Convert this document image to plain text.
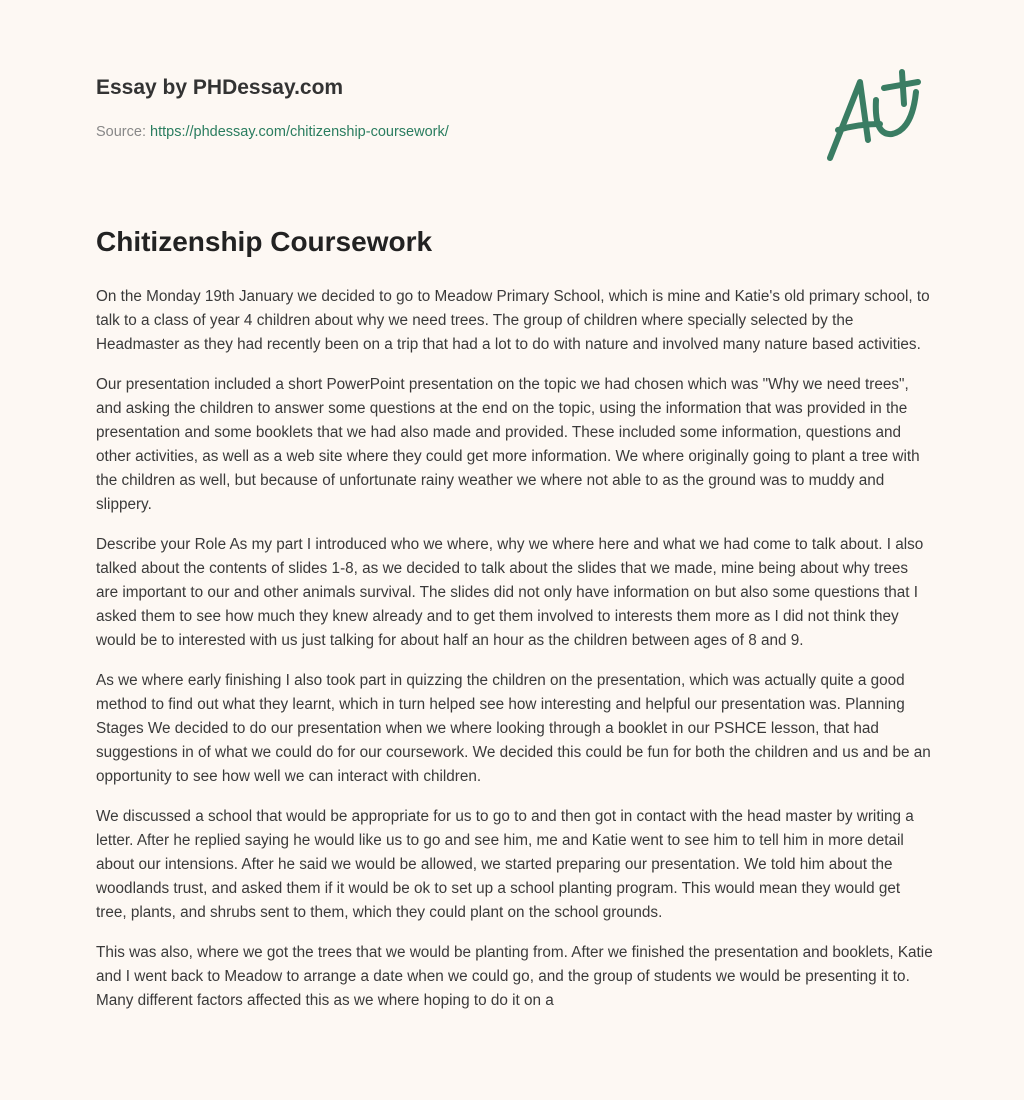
Essay by PHDessay.com
Source: https://phdessay.com/chitizenship-coursework/
Chitizenship Coursework

On the Monday 19th January we decided to go to Meadow Primary School, which is mine and Katie's old primary school, to talk to a class of year 4 children about why we need trees. The group of children where specially selected by the Headmaster as they had recently been on a trip that had a lot to do with nature and involved many nature based activities.

Our presentation included a short PowerPoint presentation on the topic we had chosen which was "Why we need trees", and asking the children to answer some questions at the end on the topic, using the information that was provided in the presentation and some booklets that we had also made and provided. These included some information, questions and other activities, as well as a web site where they could get more information. We where originally going to plant a tree with the children as well, but because of unfortunate rainy weather we where not able to as the ground was to muddy and slippery.

Describe your Role As my part I introduced who we where, why we where here and what we had come to talk about. I also talked about the contents of slides 1-8, as we decided to talk about the slides that we made, mine being about why trees are important to our and other animals survival. The slides did not only have information on but also some questions that I asked them to see how much they knew already and to get them involved to interests them more as I did not think they would be to interested with us just talking for about half an hour as the children between ages of 8 and 9.

As we where early finishing I also took part in quizzing the children on the presentation, which was actually quite a good method to find out what they learnt, which in turn helped see how interesting and helpful our presentation was. Planning Stages We decided to do our presentation when we where looking through a booklet in our PSHCE lesson, that had suggestions in of what we could do for our coursework. We decided this could be fun for both the children and us and be an opportunity to see how well we can interact with children.

We discussed a school that would be appropriate for us to go to and then got in contact with the head master by writing a letter. After he replied saying he would like us to go and see him, me and Katie went to see him to tell him in more detail about our intensions. After he said we would be allowed, we started preparing our presentation. We told him about the woodlands trust, and asked them if it would be ok to set up a school planting program. This would mean they would get tree, plants, and shrubs sent to them, which they could plant on the school grounds.

This was also, where we got the trees that we would be planting from. After we finished the presentation and booklets, Katie and I went back to Meadow to arrange a date when we could go, and the group of students we would be presenting it to. Many different factors affected this as we where hoping to do it on a
